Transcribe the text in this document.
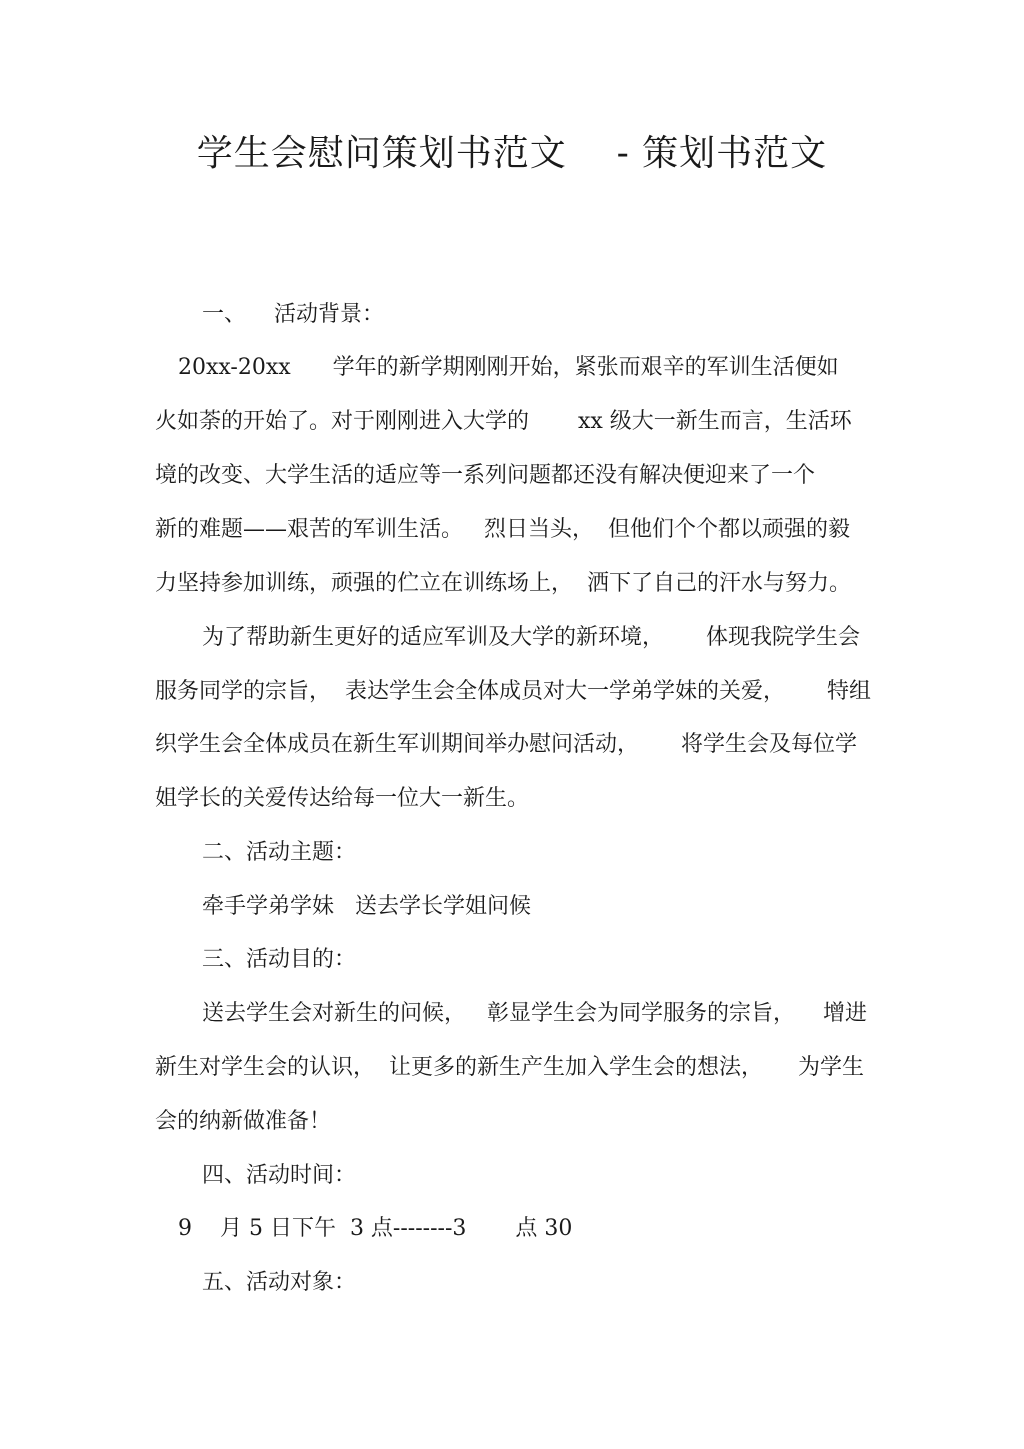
学生会慰问策划书范文    - 策划书范文
一、    活动背景：
20xx-20xx      学年的新学期刚刚开始，紧张而艰辛的军训生活便如
火如荼的开始了。对于刚刚进入大学的       xx 级大一新生而言，生活环
境的改变、大学生活的适应等一系列问题都还没有解决便迎来了一个
新的难题——艰苦的军训生活。   烈日当头，  但他们个个都以顽强的毅
力坚持参加训练，顽强的伫立在训练场上，  洒下了自己的汗水与努力。
为了帮助新生更好的适应军训及大学的新环境，      体现我院学生会
服务同学的宗旨，  表达学生会全体成员对大一学弟学妹的关爱，      特组
织学生会全体成员在新生军训期间举办慰问活动，      将学生会及每位学
姐学长的关爱传达给每一位大一新生。
二、活动主题：
牵手学弟学妹   送去学长学姐问候
三、活动目的：
送去学生会对新生的问候，   彰显学生会为同学服务的宗旨，    增进
新生对学生会的认识，  让更多的新生产生加入学生会的想法，     为学生
会的纳新做准备！
四、活动时间：
9    月 5 日下午  3 点--------3       点 30
五、活动对象：
